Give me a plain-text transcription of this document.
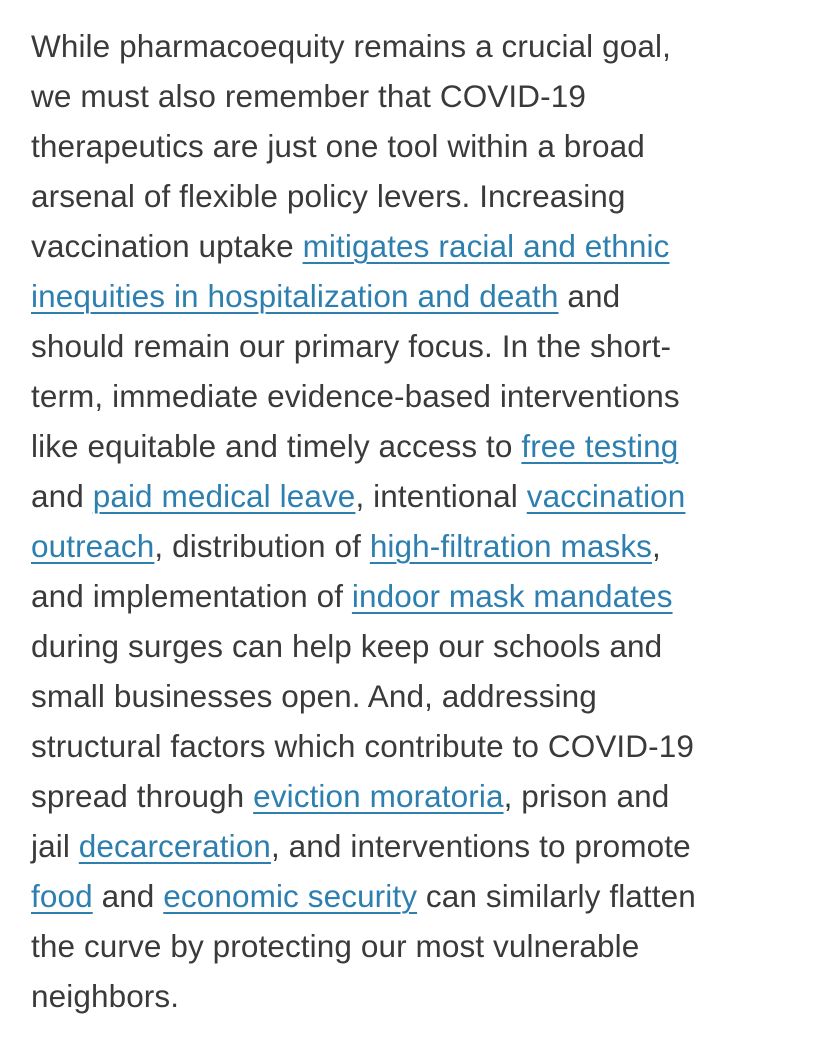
While pharmacoequity remains a crucial goal,
we must also remember that COVID-19
therapeutics are just one tool within a broad
arsenal of flexible policy levers. Increasing
vaccination uptake mitigates racial and ethnic
inequities in hospitalization and death and
should remain our primary focus. In the short-
term, immediate evidence-based interventions
like equitable and timely access to free testing
and paid medical leave, intentional vaccination
outreach, distribution of high-filtration masks,
and implementation of indoor mask mandates
during surges can help keep our schools and
small businesses open. And, addressing
structural factors which contribute to COVID-19
spread through eviction moratoria, prison and
jail decarceration, and interventions to promote
food and economic security can similarly flatten
the curve by protecting our most vulnerable
neighbors.
